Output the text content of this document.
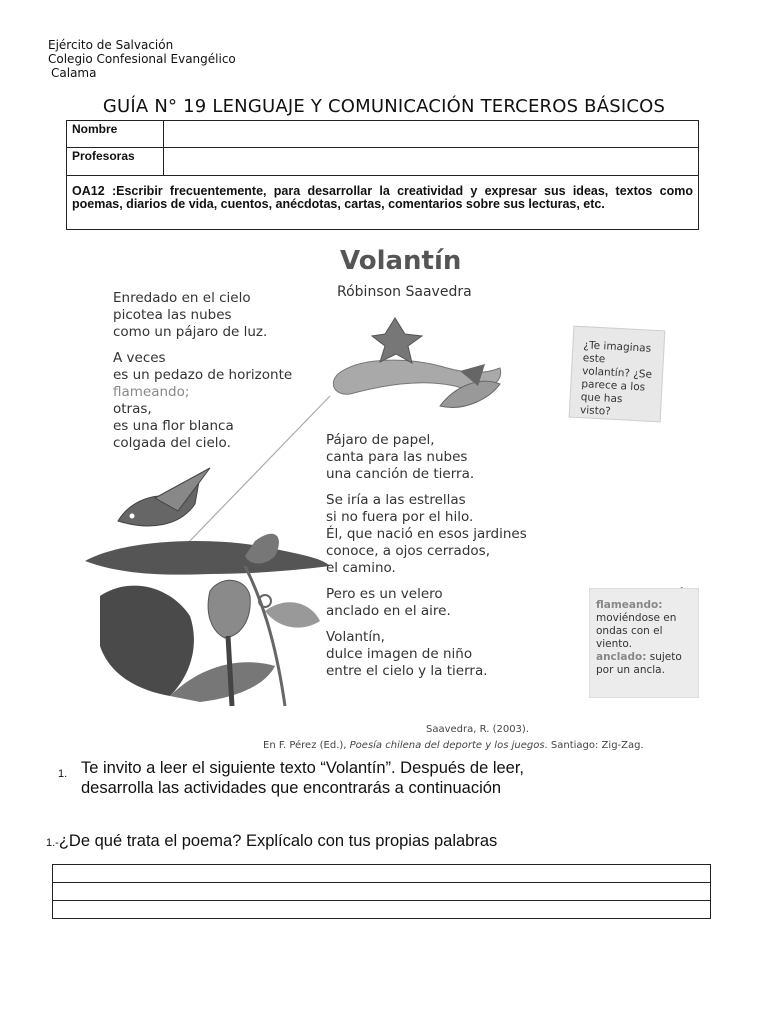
Ejército de Salvación
Colegio Confesional Evangélico
Calama
GUÍA N° 19 LENGUAJE Y COMUNICACIÓN TERCEROS BÁSICOS
Nombre	
Profesoras	

OA12 :Escribir frecuentemente, para desarrollar la creatividad y expresar sus ideas, textos como poemas, diarios de vida, cuentos, anécdotas, cartas, comentarios sobre sus lecturas, etc.	
Volantín
Róbinson Saavedra
Enredado en el cielo
picotea las nubes
como un pájaro de luz.
A veces
es un pedazo de horizonte
flameando;
otras,
es una flor blanca
colgada del cielo.	Pájaro de papel,
canta para las nubes
una canción de tierra.
Se iría a las estrellas
si no fuera por el hilo.
Él, que nació en esos jardines
conoce, a ojos cerrados,
el camino.
Pero es un velero
anclado en el aire.
Volantín,
dulce imagen de niño
entre el cielo y la tierra.
¿Te imaginas este volantín? ¿Se parece a los que has visto?
flameando: moviéndose en ondas con el viento.
anclado: sujeto por un ancla.
Saavedra, R. (2003).
En F. Pérez (Ed.), Poesía chilena del deporte y los juegos. Santiago: Zig-Zag.
1. Te invito a leer el siguiente texto “Volantín”. Después de leer,
desarrolla las actividades que encontrarás a continuación
1.-¿De qué trata el poema? Explícalo con tus propias palabras
